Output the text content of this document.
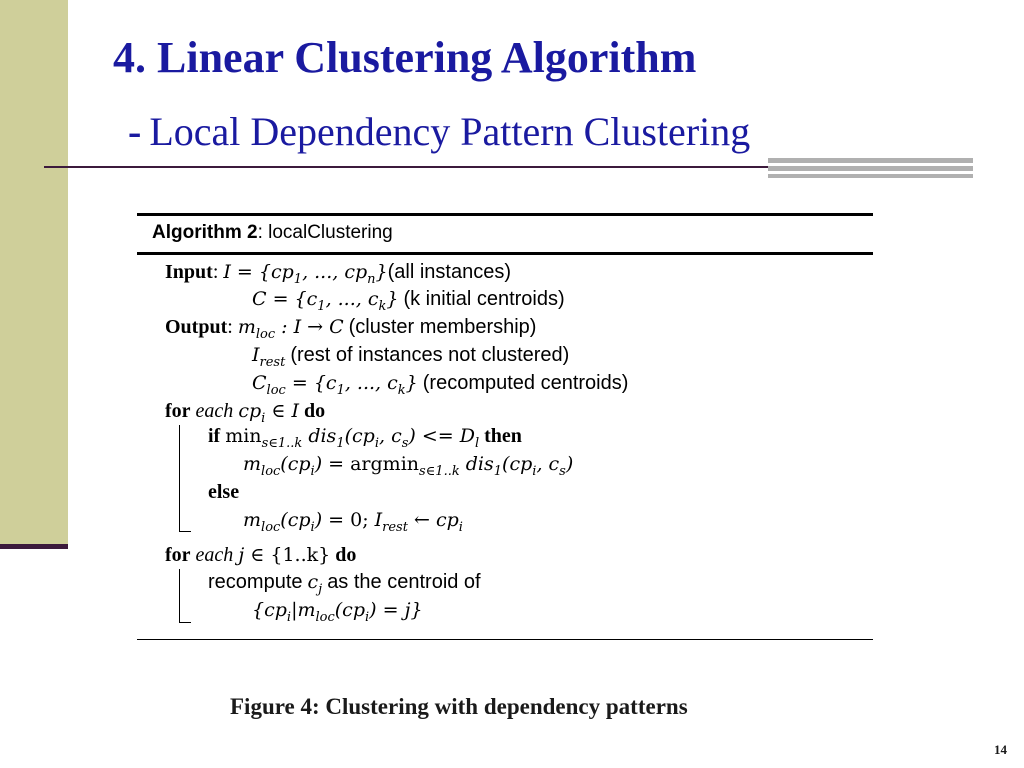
4. Linear Clustering Algorithm
- Local Dependency Pattern Clustering
Algorithm 2: localClustering
Input: $I = \{cp_1$, ..., $cp_n\}(all$ instances)
$C = \{c_1$, ..., $c_k$} (k initial centroids)
Output: $m_{loc}$ : I → C (cluster membership)
$I_{rest}$ (rest of instances not clustered)
$C_{loc} = \{c_1$, ..., $c_k$} (recomputed centroids)
for each $cp_i$ ∈ I do
if $\min_{s\in 1..k} dis_1(cp_i$, $c_s) <= D_l$ then
$m_{loc}(cp_i) = argmin_{s\in 1..k}$ $dis_1(cp_i$, $c_s$)
else
$m_{loc}(cp_i) = 0$; $I_{rest}$ ← $cp_i$
for each j ∈ {1..k} do
recompute $c_j$ as the centroid of
$\{cp_i|m_{loc}(cp_i) = j\}$
Figure 4: Clustering with dependency patterns
14
